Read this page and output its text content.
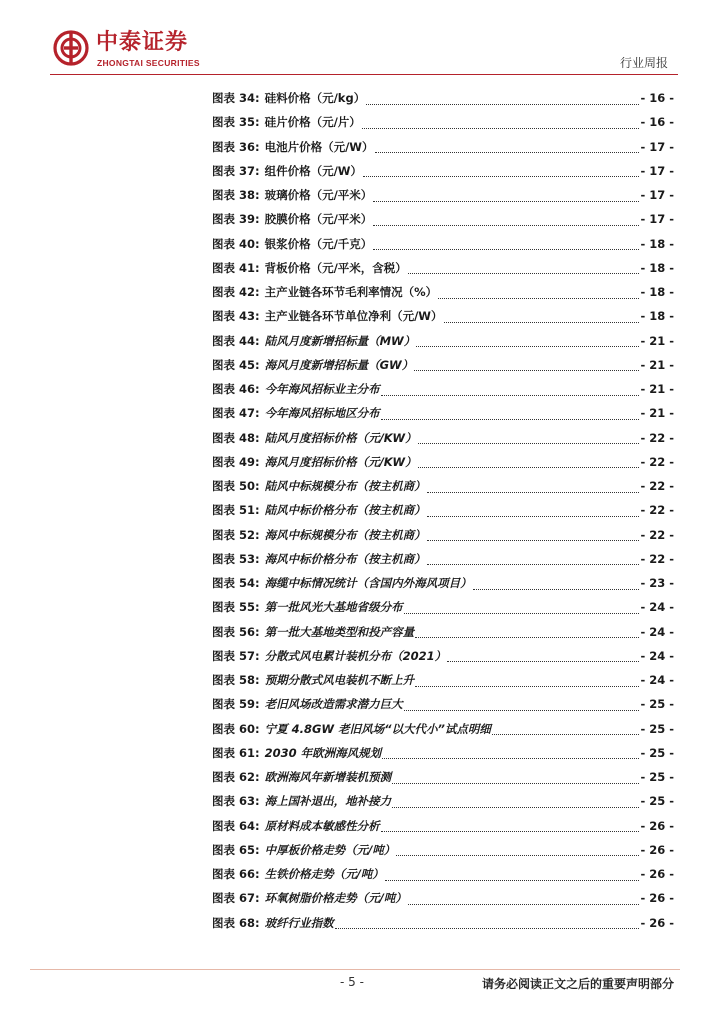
中泰证券
ZHONGTAI SECURITIES	行业周报
图表 34: 硅料价格（元/kg）	- 16 -
图表 35: 硅片价格（元/片）	- 16 -
图表 36: 电池片价格（元/W）	- 17 -
图表 37: 组件价格（元/W）	- 17 -
图表 38: 玻璃价格（元/平米）	- 17 -
图表 39: 胶膜价格（元/平米）	- 17 -
图表 40: 银浆价格（元/千克）	- 18 -
图表 41: 背板价格（元/平米，含税）	- 18 -
图表 42: 主产业链各环节毛利率情况（%）	- 18 -
图表 43: 主产业链各环节单位净利（元/W）	- 18 -
图表 44: 陆风月度新增招标量（MW）	- 21 -
图表 45: 海风月度新增招标量（GW）	- 21 -
图表 46: 今年海风招标业主分布	- 21 -
图表 47: 今年海风招标地区分布	- 21 -
图表 48: 陆风月度招标价格（元/KW）	- 22 -
图表 49: 海风月度招标价格（元/KW）	- 22 -
图表 50: 陆风中标规模分布（按主机商）	- 22 -
图表 51: 陆风中标价格分布（按主机商）	- 22 -
图表 52: 海风中标规模分布（按主机商）	- 22 -
图表 53: 海风中标价格分布（按主机商）	- 22 -
图表 54: 海缆中标情况统计（含国内外海风项目）	- 23 -
图表 55: 第一批风光大基地省级分布	- 24 -
图表 56: 第一批大基地类型和投产容量	- 24 -
图表 57: 分散式风电累计装机分布（2021）	- 24 -
图表 58: 预期分散式风电装机不断上升	- 24 -
图表 59: 老旧风场改造需求潜力巨大	- 25 -
图表 60: 宁夏 4.8GW 老旧风场“以大代小”试点明细	- 25 -
图表 61: 2030 年欧洲海风规划	- 25 -
图表 62: 欧洲海风年新增装机预测	- 25 -
图表 63: 海上国补退出，地补接力	- 25 -
图表 64: 原材料成本敏感性分析	- 26 -
图表 65: 中厚板价格走势（元/吨）	- 26 -
图表 66: 生铁价格走势（元/吨）	- 26 -
图表 67: 环氧树脂价格走势（元/吨）	- 26 -
图表 68: 玻纤行业指数	- 26 -
- 5 -	请务必阅读正文之后的重要声明部分
